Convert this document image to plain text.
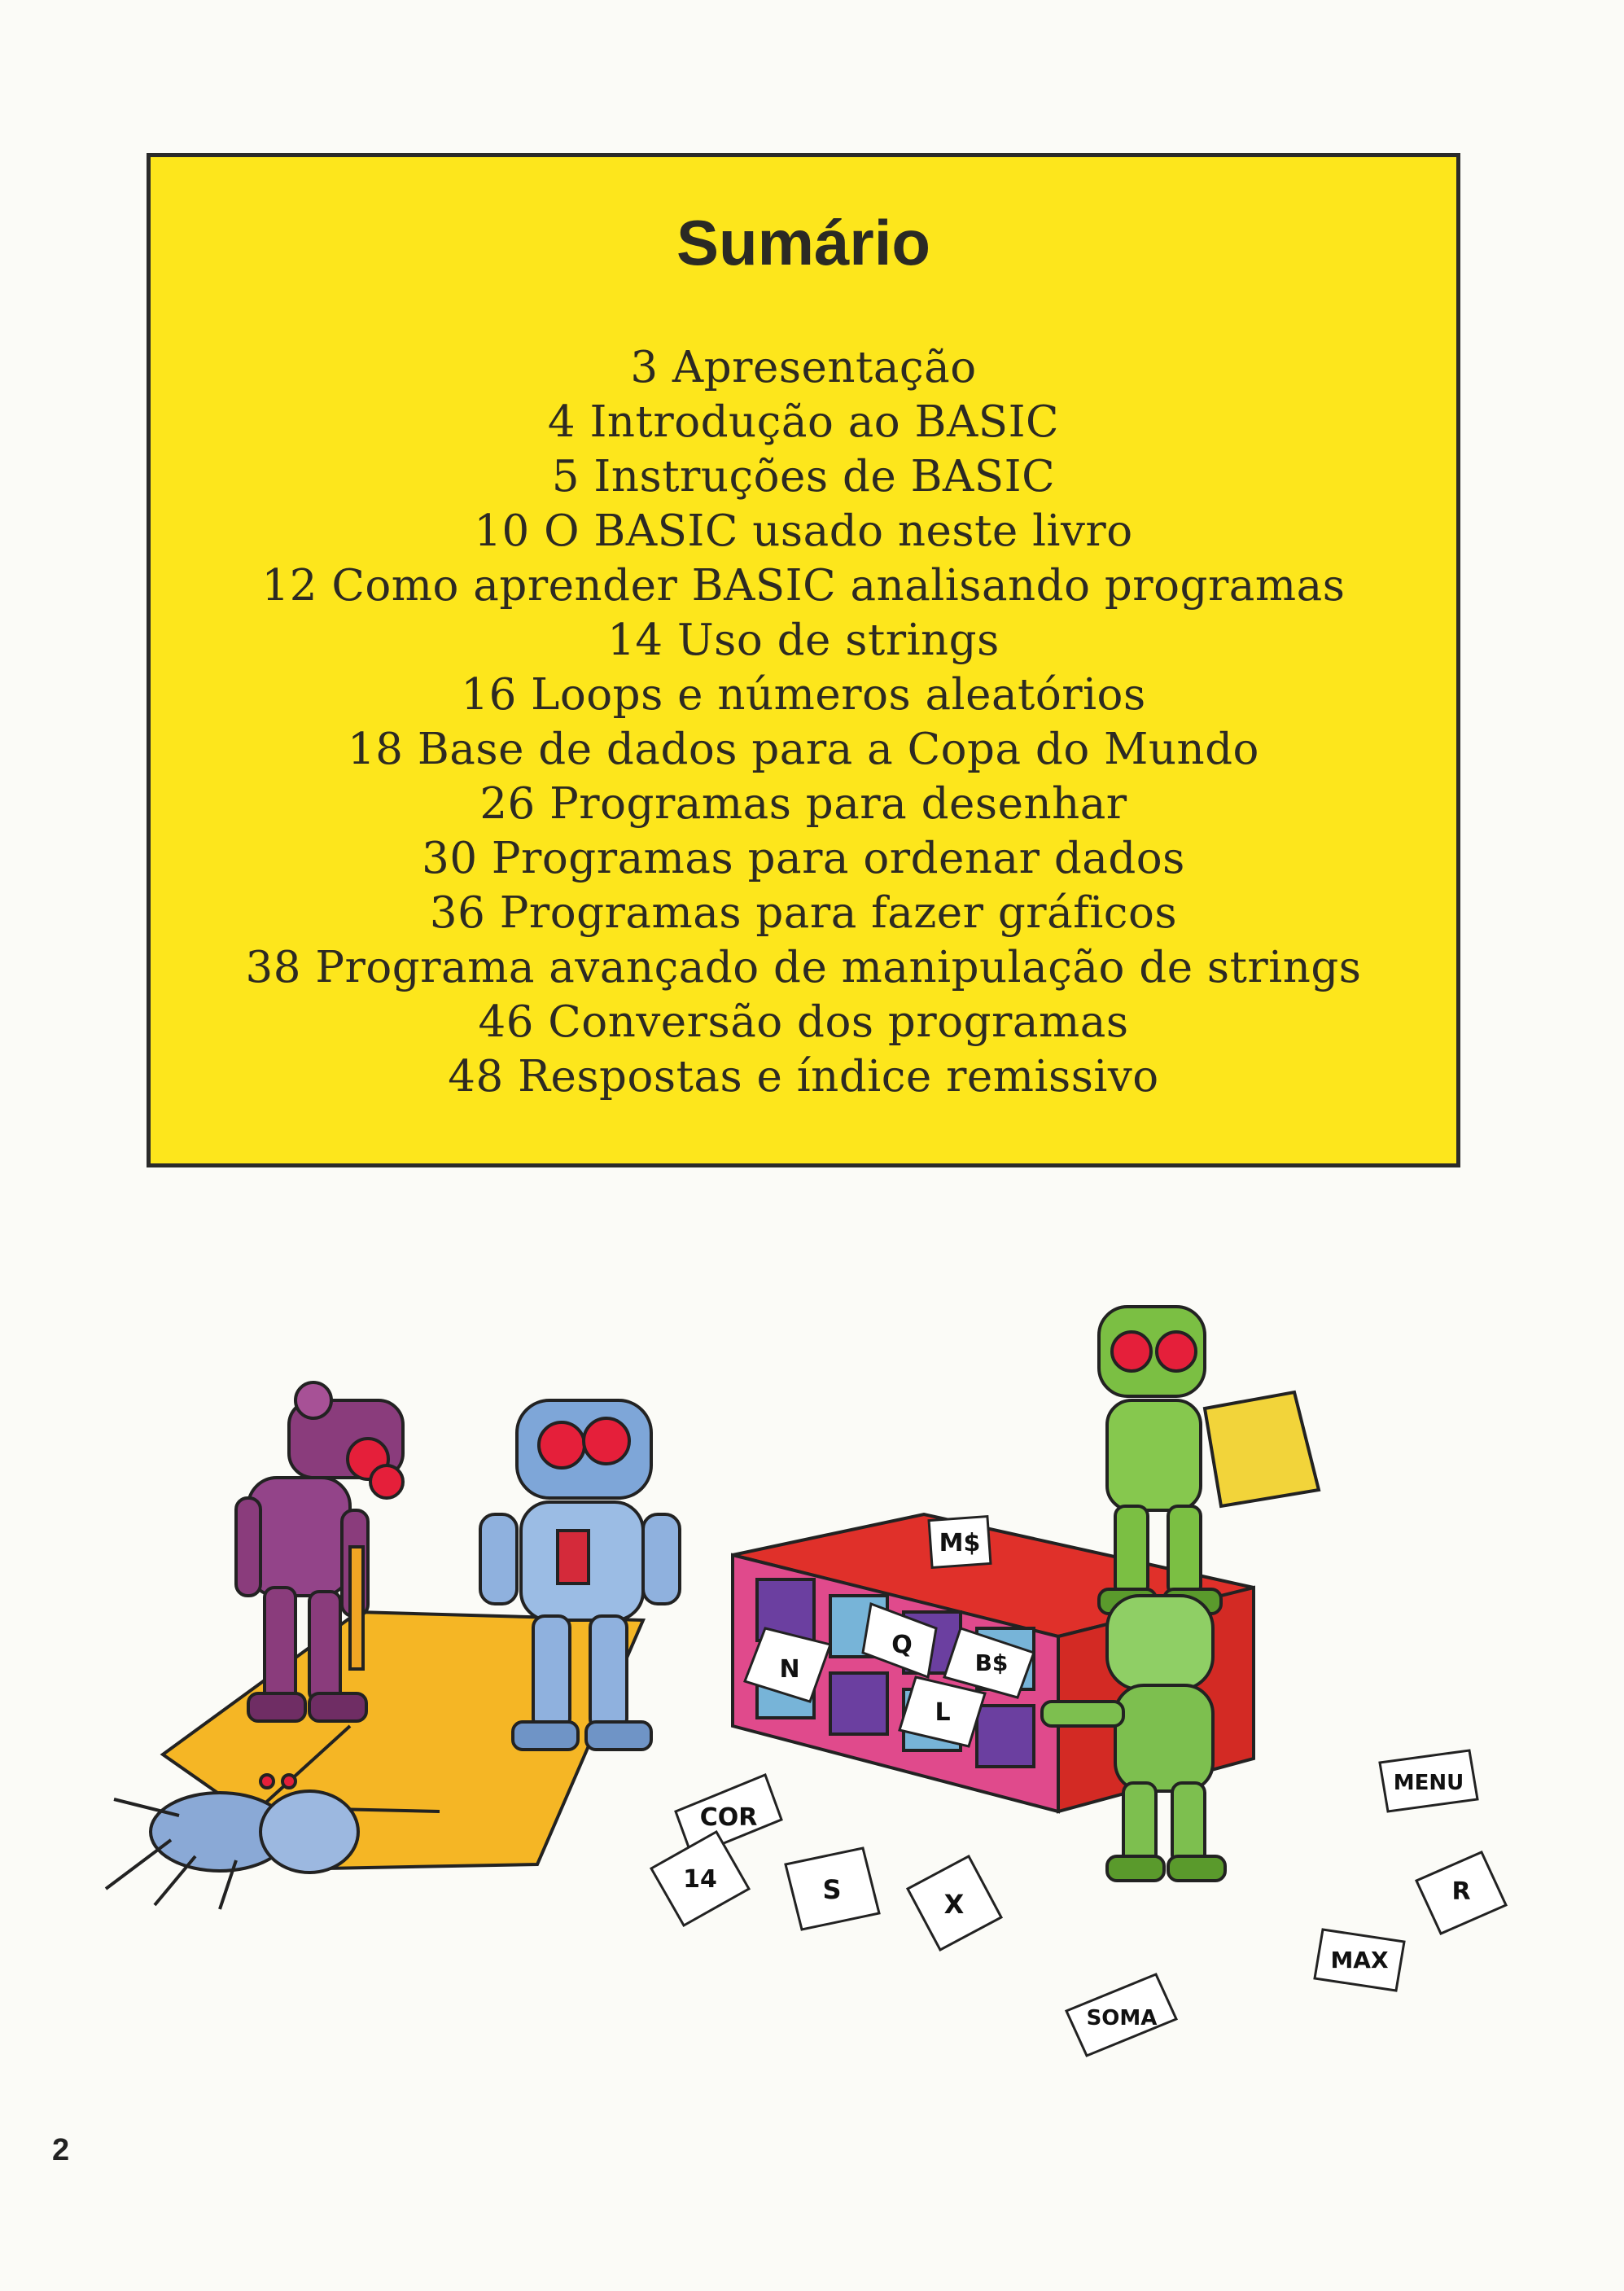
Sumário
3 Apresentação
4 Introdução ao BASIC
5 Instruções de BASIC
10 O BASIC usado neste livro
12 Como aprender BASIC analisando programas
14 Uso de strings
16 Loops e números aleatórios
18 Base de dados para a Copa do Mundo
26 Programas para desenhar
30 Programas para ordenar dados
36 Programas para fazer gráficos
38 Programa avançado de manipulação de strings
46 Conversão dos programas
48 Respostas e índice remissivo
M$
Q
N	B$
L
COR
14	S	X
SOMA
MENU
R
MAX
2
